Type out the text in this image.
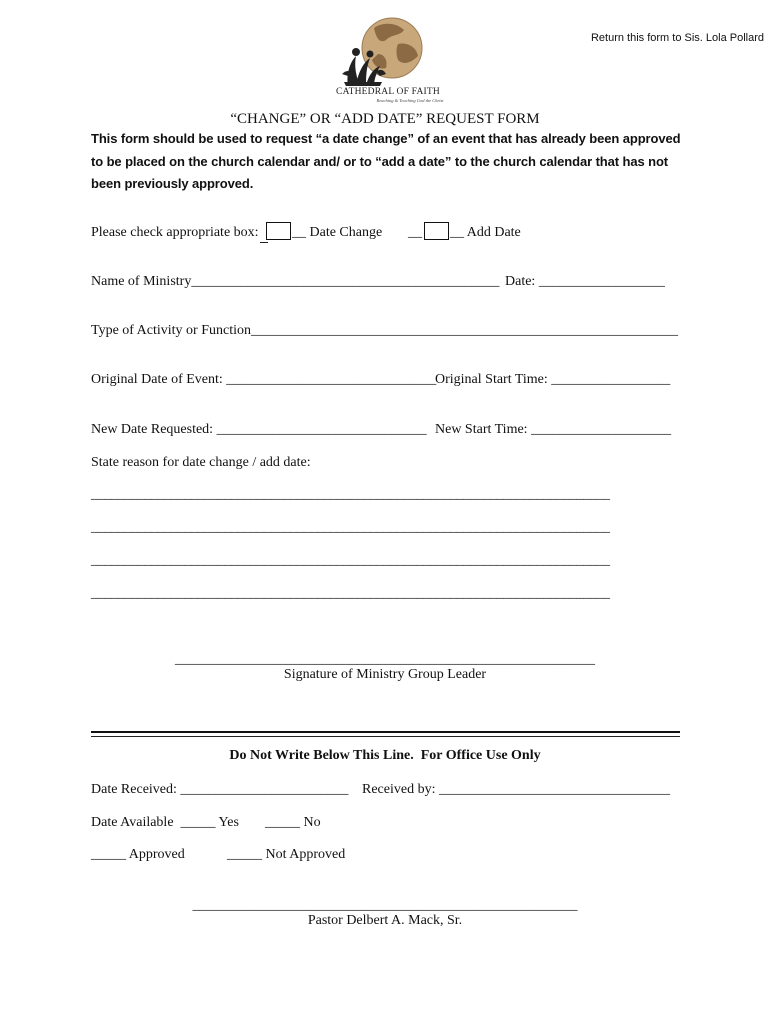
Return this form to Sis. Lola Pollard
CATHEDRAL OF FAITH
Reaching & Teaching God the Christ
“CHANGE” OR “ADD DATE” REQUEST FORM
This form should be used to request “a date change” of an event that has already been approved to be placed on the church calendar and/ or to “add a date” to the church calendar that has not been previously approved.
Please check appropriate box: __ Date Change __ __ Add Date
Name of Ministry____________________________________________ Date: __________________
Type of Activity or Function_____________________________________________________________
Original Date of Event: ______________________________
Original Start Time: _________________
New Date Requested: ______________________________ New Start Time: ____________________
State reason for date change / add date:
______________________________________________________________________________
______________________________________________________________________________
______________________________________________________________________________
______________________________________________________________________________
____________________________________________________________
Signature of Ministry Group Leader
Do Not Write Below This Line.  For Office Use Only
Date Received: ________________________ Received by: _________________________________
Date Available  _____ Yes _____ No
_____ Approved	_____ Not Approved
_______________________________________________________
Pastor Delbert A. Mack, Sr.
